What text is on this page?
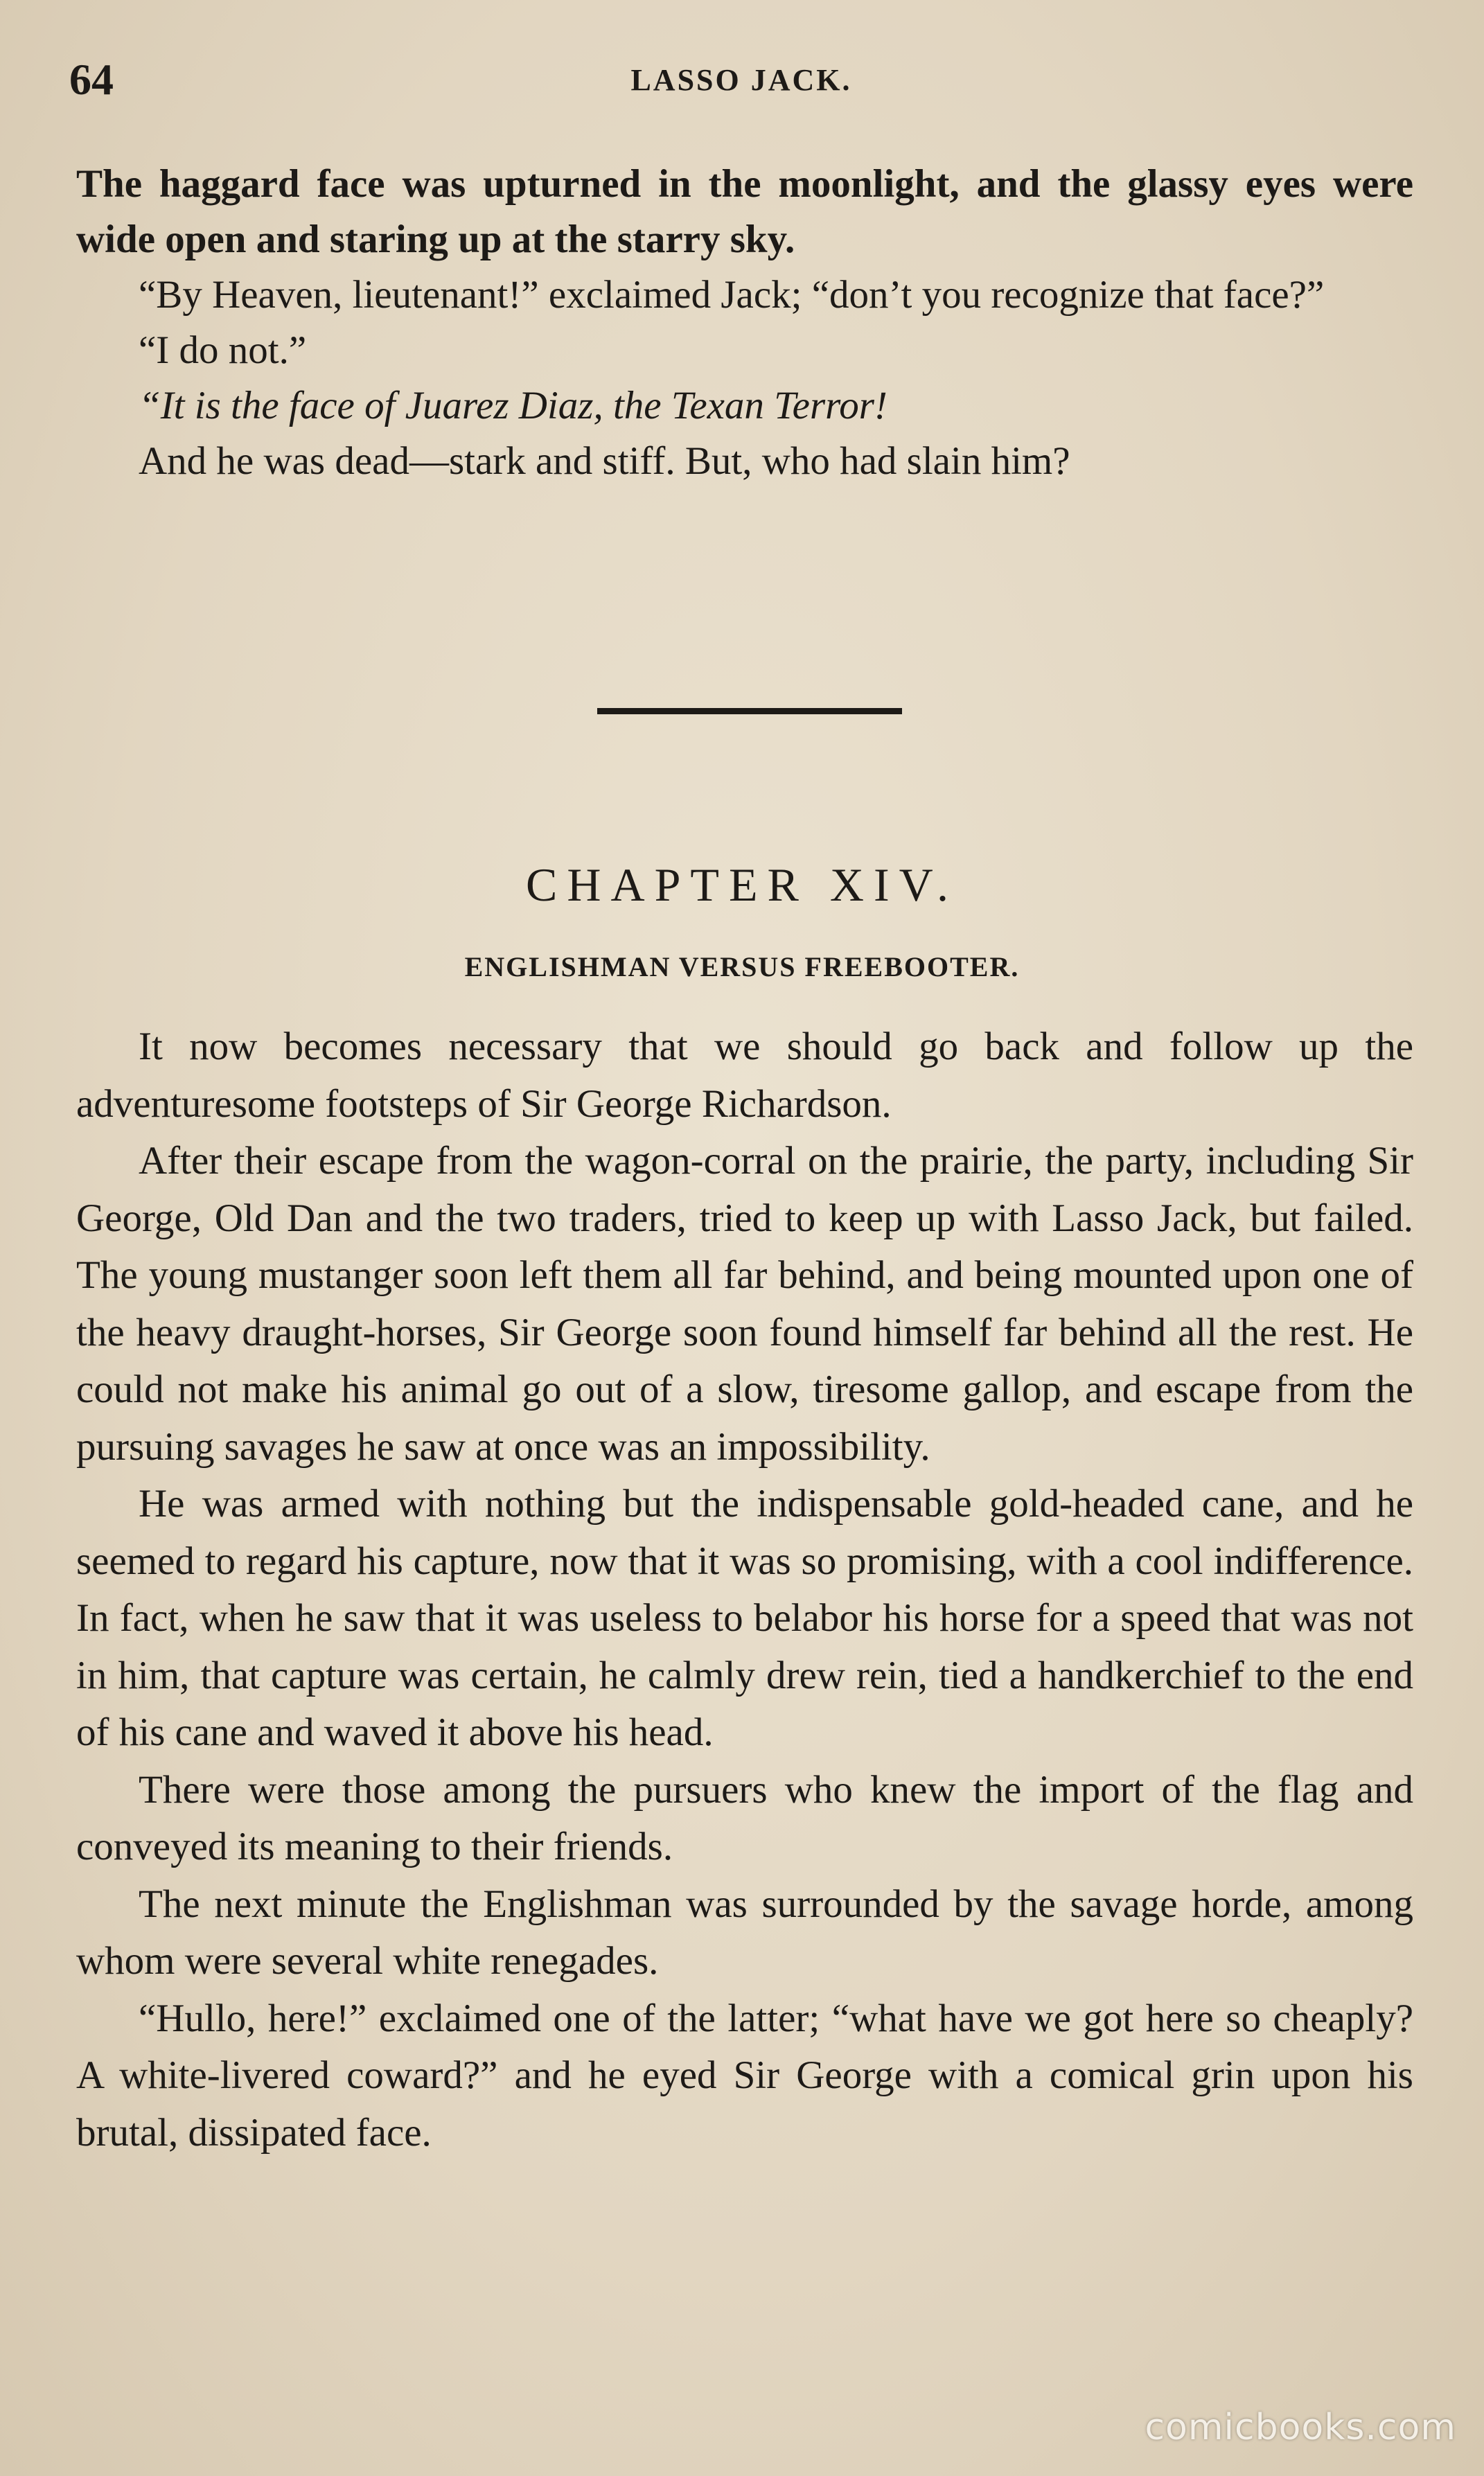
64	LASSO JACK.

The haggard face was upturned in the moonlight, and the glassy eyes were wide open and staring up at the starry sky.

“By Heaven, lieutenant!” exclaimed Jack; “don’t you recognize that face?”

“I do not.”

“It is the face of Juarez Diaz, the Texan Terror!

And he was dead—stark and stiff. But, who had slain him?

CHAPTER XIV.
ENGLISHMAN VERSUS FREEBOOTER.

It now becomes necessary that we should go back and follow up the adventuresome footsteps of Sir George Richardson.

After their escape from the wagon-corral on the prairie, the party, including Sir George, Old Dan and the two traders, tried to keep up with Lasso Jack, but failed. The young mustanger soon left them all far behind, and being mounted upon one of the heavy draught-horses, Sir George soon found himself far behind all the rest. He could not make his animal go out of a slow, tiresome gallop, and escape from the pursuing savages he saw at once was an impossibility.

He was armed with nothing but the indispensable gold-headed cane, and he seemed to regard his capture, now that it was so promising, with a cool indifference. In fact, when he saw that it was useless to belabor his horse for a speed that was not in him, that capture was certain, he calmly drew rein, tied a handkerchief to the end of his cane and waved it above his head.

There were those among the pursuers who knew the import of the flag and conveyed its meaning to their friends.

The next minute the Englishman was surrounded by the savage horde, among whom were several white renegades.

“Hullo, here!” exclaimed one of the latter; “what have we got here so cheaply? A white-livered coward?” and he eyed Sir George with a comical grin upon his brutal, dissipated face.

comicbooks.com
